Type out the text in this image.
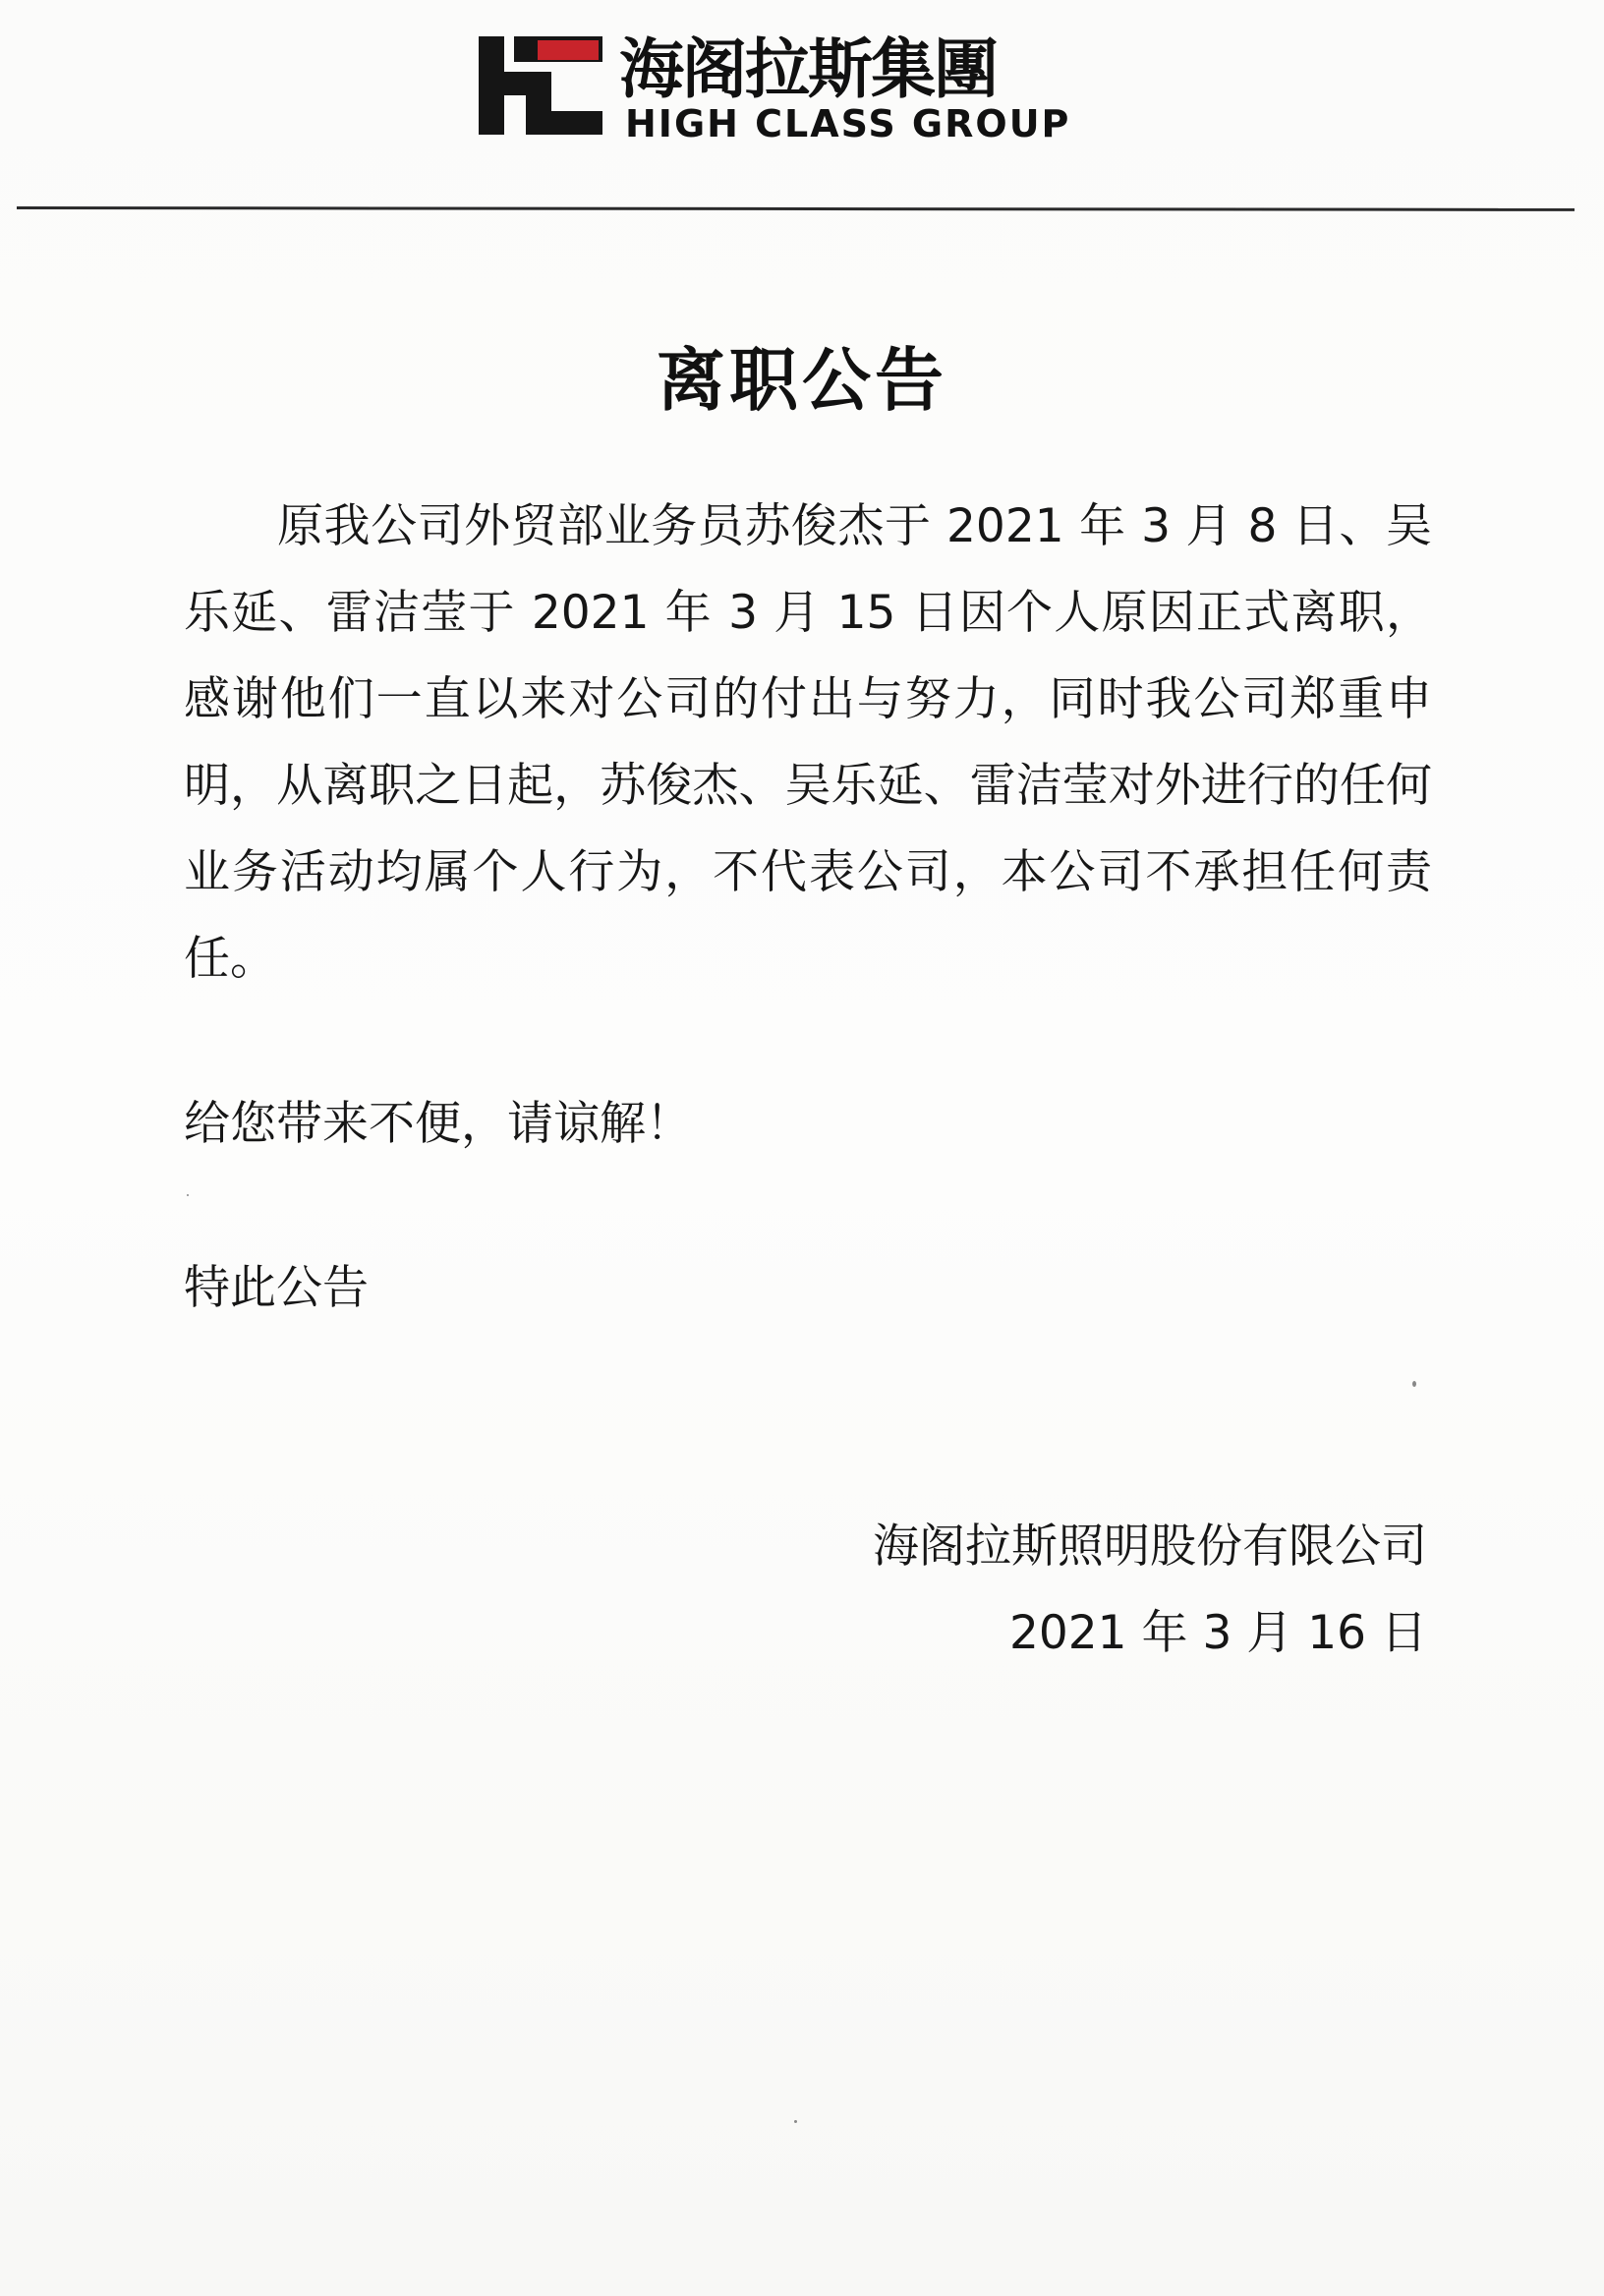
海阁拉斯集團
HIGH CLASS GROUP
离职公告

原我公司外贸部业务员苏俊杰于 2021 年 3 月 8 日、吴乐延、雷洁莹于 2021 年 3 月 15 日因个人原因正式离职，感谢他们一直以来对公司的付出与努力，同时我公司郑重申明，从离职之日起，苏俊杰、吴乐延、雷洁莹对外进行的任何业务活动均属个人行为，不代表公司，本公司不承担任何责任。

给您带来不便，请谅解！

特此公告

海阁拉斯照明股份有限公司
2021 年 3 月 16 日
